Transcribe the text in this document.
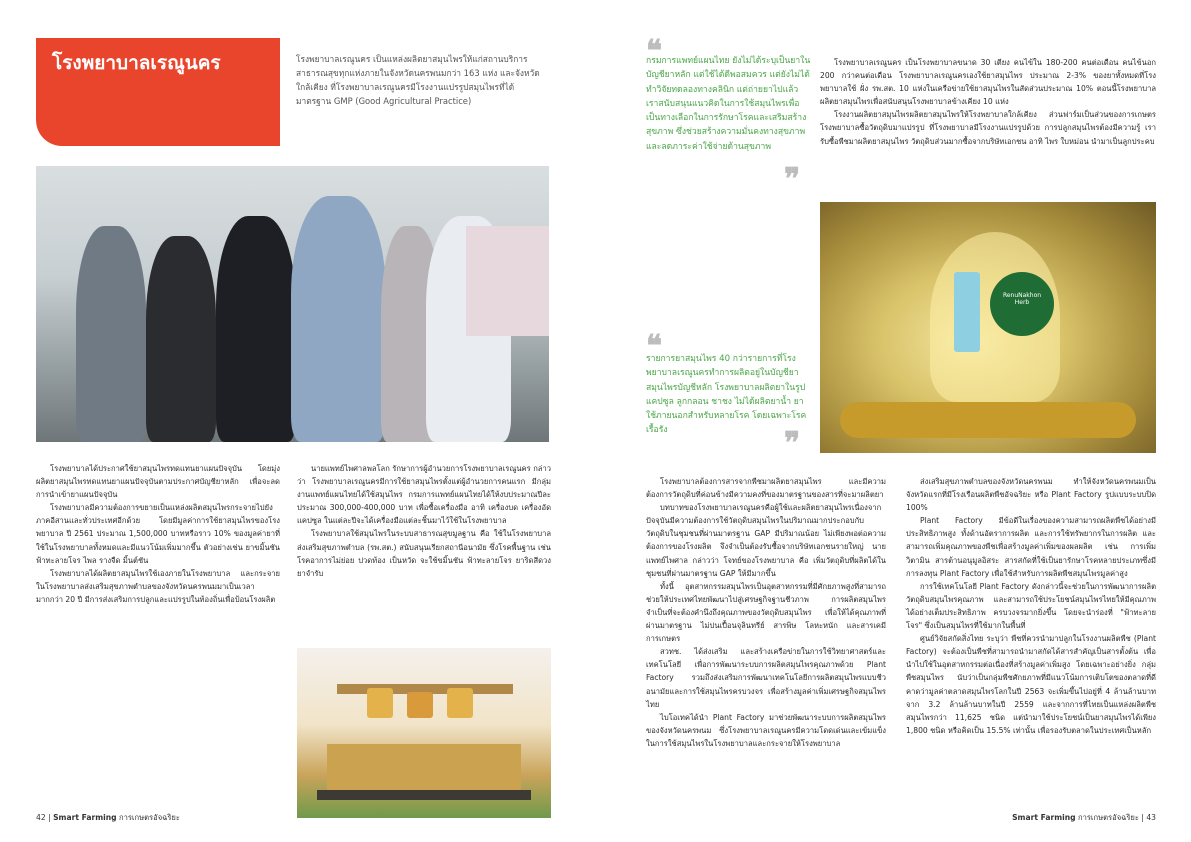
โรงพยาบาลเรณูนคร	โรงพยาบาลเรณูนคร เป็นแหล่งผลิตยาสมุนไพรให้แก่สถานบริการสาธารณสุขทุกแห่งภายในจังหวัดนครพนมกว่า 163 แห่ง และจังหวัดใกล้เคียง ที่โรงพยาบาลเรณูนครมีโรงงานแปรรูปสมุนไพรที่ได้มาตรฐาน GMP (Good Agricultural Practice)

โรงพยาบาลได้ประกาศใช้ยาสมุนไพรทดแทนยาแผนปัจจุบัน โดยมุ่งผลิตยาสมุนไพรทดแทนยาแผนปัจจุบันตามประกาศบัญชียาหลัก เพื่อจะลดการนำเข้ายาแผนปัจจุบัน

โรงพยาบาลมีความต้องการขยายเป็นแหล่งผลิตสมุนไพรกระจายไปยังภาคอีสานและทั่วประเทศอีกด้วย โดยมีมูลค่าการใช้ยาสมุนไพรของโรงพยาบาล ปี 2561 ประมาณ 1,500,000 บาทหรือราว 10% ของมูลค่ายาที่ใช้ในโรงพยาบาลทั้งหมดและมีแนวโน้มเพิ่มมากขึ้น ตัวอย่างเช่น ยาขมิ้นชัน ฟ้าทะลายโจร ไพล รางจืด มิ้นต์ชัน

โรงพยาบาลได้ผลิตยาสมุนไพรใช้เองภายในโรงพยาบาล และกระจายในโรงพยาบาลส่งเสริมสุขภาพตำบลของจังหวัดนครพนมมาเป็นเวลามากกว่า 20 ปี มีการส่งเสริมการปลูกและแปรรูปในท้องถิ่นเพื่อป้อนโรงผลิต

นายแพทย์ไพศาลพลโลก รักษาการผู้อำนวยการโรงพยาบาลเรณูนคร กล่าวว่า โรงพยาบาลเรณูนครมีการใช้ยาสมุนไพรตั้งแต่ผู้อำนวยการคนแรก มีกลุ่มงานแพทย์แผนไทยได้ใช้สมุนไพร กรมการแพทย์แผนไทยได้ให้งบประมาณปีละประมาณ 300,000-400,000 บาท เพื่อซื้อเครื่องมือ อาทิ เครื่องบด เครื่องอัดแคปซูล ในแต่ละปีจะได้เครื่องมือแต่ละชิ้นมาไว้ใช้ในโรงพยาบาล

โรงพยาบาลใช้สมุนไพรในระบบสาธารณสุขมูลฐาน คือ ใช้ในโรงพยาบาลส่งเสริมสุขภาพตำบล (รพ.สต.) สนับสนุนเรียกสถานีอนามัย ซึ่งโรคพื้นฐาน เช่น โรคอาการไม่ย่อย ปวดท้อง เป็นหวัด จะใช้ขมิ้นชัน ฟ้าทะลายโจร ยาริดสีดวง ยาจำรับ

❝

กรมการแพทย์แผนไทย ยังไม่ได้ระบุเป็นยาในบัญชียาหลัก แต่ใช้ได้ดีพอสมควร แต่ยังไม่ได้ทำวิจัยทดลองทางคลินิก แต่ถ่ายยาไปแล้ว เราสนับสนุนแนวคิดในการใช้สมุนไพรเพื่อเป็นทางเลือกในการรักษาโรคและเสริมสร้างสุขภาพ ซึ่งช่วยสร้างความมั่นคงทางสุขภาพ และลดภาระค่าใช้จ่ายด้านสุขภาพ

❞

โรงพยาบาลเรณูนคร เป็นโรงพยาบาลขนาด 30 เตียง คนไข้ใน 180-200 คนต่อเดือน คนไข้นอก 200 กว่าคนต่อเดือน โรงพยาบาลเรณูนครเองใช้ยาสมุนไพร ประมาณ 2-3% ของยาทั้งหมดที่โรงพยาบาลใช้ ฝั่ง รพ.สต. 10 แห่งในเครือข่ายใช้ยาสมุนไพรในสัดส่วนประมาณ 10% ตอนนี้โรงพยาบาลผลิตยาสมุนไพรเพื่อสนับสนุนโรงพยาบาลข้างเคียง 10 แห่ง

โรงงานผลิตยาสมุนไพรผลิตยาสมุนไพรให้โรงพยาบาลใกล้เคียง ส่วนฟาร์มเป็นส่วนของการเกษตร โรงพยาบาลซื้อวัตถุดิบมาแปรรูป ที่โรงพยาบาลมีโรงงานแปรรูปด้วย การปลูกสมุนไพรต้องมีความรู้ เรารับซื้อพืชมาผลิตยาสมุนไพร วัตถุดิบส่วนมากซื้อจากบริษัทเอกชน อาทิ ไพร ใบหม่อน นำมาเป็นลูกประคบ

RenuNakhon Herb
❝

รายการยาสมุนไพร 40 กว่ารายการที่โรงพยาบาลเรณูนครทำการผลิตอยู่ในบัญชียาสมุนไพรบัญชีหลัก โรงพยาบาลผลิตยาในรูปแคปซูล ลูกกลอน ชาชง ไม่ได้ผลิตยาน้ำ ยาใช้ภายนอกสำหรับหลายโรค โดยเฉพาะโรคเรื้อรัง	❞

โรงพยาบาลต้องการสารจากพืชมาผลิตยาสมุนไพร และมีความต้องการวัตถุดิบที่ค่อนข้างมีความคงที่ของมาตรฐานของสารที่จะมาผลิตยา

บทบาทของโรงพยาบาลเรณูนครคือผู้ใช้และผลิตยาสมุนไพรเนื่องจากปัจจุบันมีความต้องการใช้วัตถุดิบสมุนไพรในปริมาณมากประกอบกับวัตถุดิบในชุมชนที่ผ่านมาตรฐาน GAP มีปริมาณน้อย ไม่เพียงพอต่อความต้องการของโรงผลิต จึงจำเป็นต้องรับซื้อจากบริษัทเอกชนรายใหญ่ นายแพทย์ไพศาล กล่าวว่า โจทย์ของโรงพยาบาล คือ เพิ่มวัตถุดิบที่ผลิตได้ในชุมชนที่ผ่านมาตรฐาน GAP ให้มีมากขึ้น

ทั้งนี้ อุตสาหกรรมสมุนไพรเป็นอุตสาหกรรมที่มีศักยภาพสูงที่สามารถช่วยให้ประเทศไทยพัฒนาไปสู่เศรษฐกิจฐานชีวภาพ การผลิตสมุนไพรจำเป็นที่จะต้องคำนึงถึงคุณภาพของวัตถุดิบสมุนไพร เพื่อให้ได้คุณภาพที่ผ่านมาตรฐาน ไม่ปนเปื้อนจุลินทรีย์ สารพิษ โลหะหนัก และสารเคมีการเกษตร

สวทช. ได้ส่งเสริม และสร้างเครือข่ายในการใช้วิทยาศาสตร์และเทคโนโลยี เพื่อการพัฒนาระบบการผลิตสมุนไพรคุณภาพด้วย Plant Factory รวมถึงส่งเสริมการพัฒนาเทคโนโลยีการผลิตสมุนไพรแบบชีวอนามัยและการใช้สมุนไพรครบวงจร เพื่อสร้างมูลค่าเพิ่มเศรษฐกิจสมุนไพรไทย

ไบโอเทคได้นำ Plant Factory มาช่วยพัฒนาระบบการผลิตสมุนไพรของจังหวัดนครพนม ซึ่งโรงพยาบาลเรณูนครมีความโดดเด่นและเข้มแข็งในการใช้สมุนไพรในโรงพยาบาลและกระจายให้โรงพยาบาล

ส่งเสริมสุขภาพตำบลของจังหวัดนครพนม ทำให้จังหวัดนครพนมเป็นจังหวัดแรกที่มีโรงเรือนผลิตพืชอัจฉริยะ หรือ Plant Factory รูปแบบระบบปิด 100%

Plant Factory มีข้อดีในเรื่องของความสามารถผลิตพืชได้อย่างมีประสิทธิภาพสูง ทั้งด้านอัตราการผลิต และการใช้ทรัพยากรในการผลิต และสามารถเพิ่มคุณภาพของพืชเพื่อสร้างมูลค่าเพิ่มของผลผลิต เช่น การเพิ่มวิตามิน สารต้านอนุมูลอิสระ สารสกัดที่ใช้เป็นยารักษาโรคหลายประเภทซึ่งมีการลงทุน Plant Factory เพื่อใช้สำหรับการผลิตพืชสมุนไพรมูลค่าสูง

การใช้เทคโนโลยี Plant Factory ดังกล่าวนี้จะช่วยในการพัฒนาการผลิตวัตถุดิบสมุนไพรคุณภาพ และสามารถใช้ประโยชน์สมุนไพรไทยให้มีคุณภาพได้อย่างเต็มประสิทธิภาพ ครบวงจรมากยิ่งขึ้น โดยจะนำร่องที่ "ฟ้าทะลายโจร" ซึ่งเป็นสมุนไพรที่ใช้มากในพื้นที่

ศูนย์วิจัยสกัดสิ่งไทย ระบุว่า พืชที่ควรนำมาปลูกในโรงงานผลิตพืช (Plant Factory) จะต้องเป็นพืชที่สามารถนำมาสกัดได้สารสำคัญเป็นสารตั้งต้น เพื่อนำไปใช้ในอุตสาหกรรมต่อเนื่องที่สร้างมูลค่าเพิ่มสูง โดยเฉพาะอย่างยิ่ง กลุ่มพืชสมุนไพร นับว่าเป็นกลุ่มพืชศักยภาพที่มีแนวโน้มการเติบโตของตลาดที่ดี คาดว่ามูลค่าตลาดสมุนไพรโลกในปี 2563 จะเพิ่มขึ้นไปอยู่ที่ 4 ล้านล้านบาท จาก 3.2 ล้านล้านบาทในปี 2559 และจากการที่ไทยเป็นแหล่งผลิตพืชสมุนไพรกว่า 11,625 ชนิด แต่นำมาใช้ประโยชน์เป็นยาสมุนไพรได้เพียง 1,800 ชนิด หรือคิดเป็น 15.5% เท่านั้น เพื่อรองรับตลาดในประเทศเป็นหลัก

42 | Smart Farming การเกษตรอัจฉริยะ	Smart Farming การเกษตรอัจฉริยะ | 43
